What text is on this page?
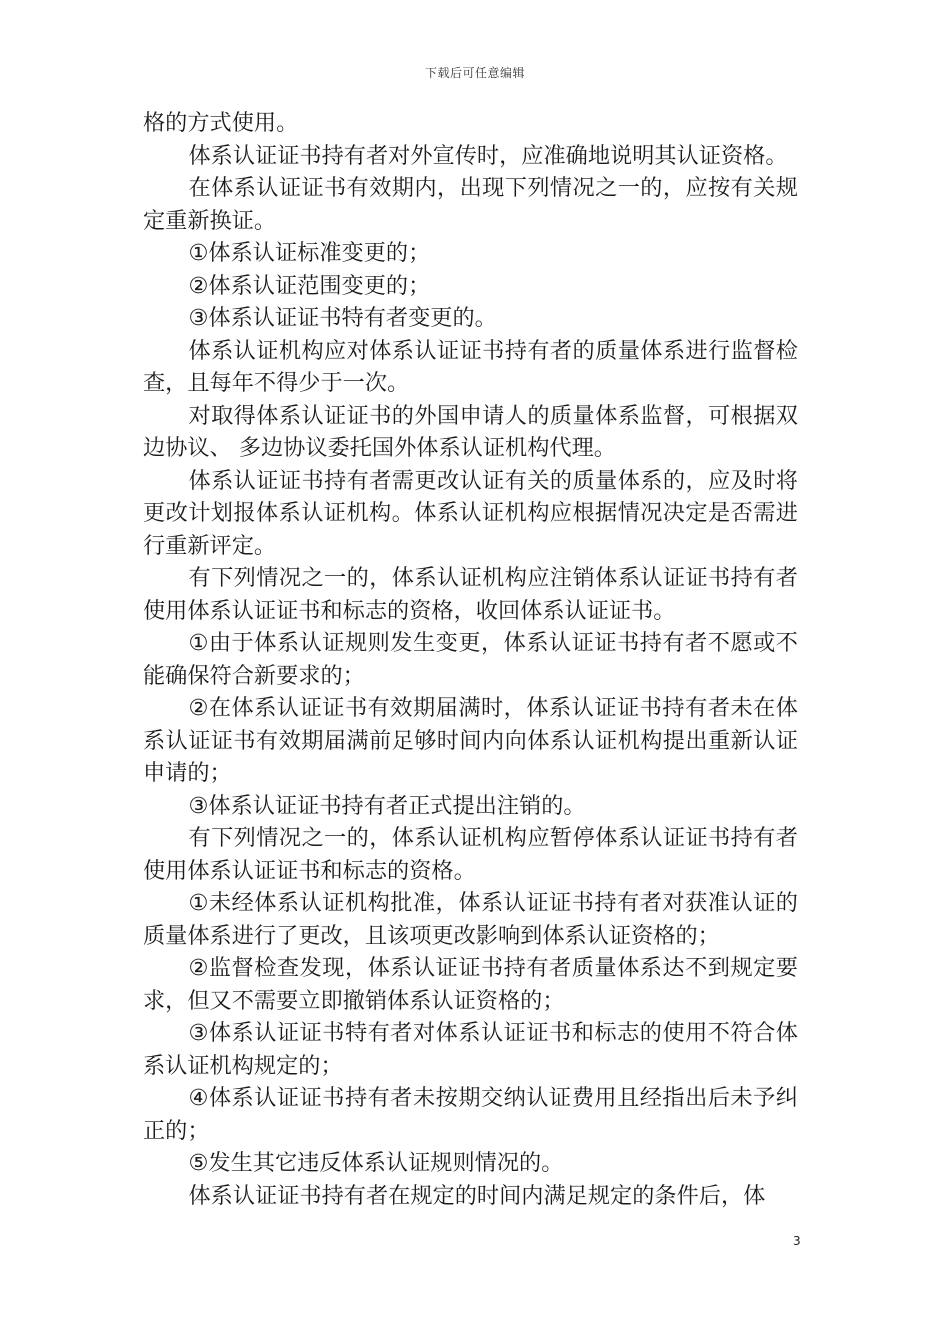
下载后可任意编辑

格的方式使用。

体系认证证书持有者对外宣传时，应准确地说明其认证资格。

在体系认证证书有效期内，出现下列情况之一的，应按有关规定重新换证。

①体系认证标准变更的；

②体系认证范围变更的；

③体系认证证书特有者变更的。

体系认证机构应对体系认证证书持有者的质量体系进行监督检查，且每年不得少于一次。

对取得体系认证证书的外国申请人的质量体系监督，可根据双边协议、 多边协议委托国外体系认证机构代理。

体系认证证书持有者需更改认证有关的质量体系的，应及时将更改计划报体系认证机构。体系认证机构应根据情况决定是否需进行重新评定。

有下列情况之一的，体系认证机构应注销体系认证证书持有者使用体系认证证书和标志的资格，收回体系认证证书。

①由于体系认证规则发生变更，体系认证证书持有者不愿或不能确保符合新要求的；

②在体系认证证书有效期届满时，体系认证证书持有者未在体系认证证书有效期届满前足够时间内向体系认证机构提出重新认证申请的；

③体系认证证书持有者正式提出注销的。

有下列情况之一的，体系认证机构应暂停体系认证证书持有者使用体系认证证书和标志的资格。

①未经体系认证机构批准，体系认证证书持有者对获准认证的质量体系进行了更改，且该项更改影响到体系认证资格的；

②监督检查发现，体系认证证书持有者质量体系达不到规定要求，但又不需要立即撤销体系认证资格的；

③体系认证证书特有者对体系认证证书和标志的使用不符合体系认证机构规定的；

④体系认证证书持有者未按期交纳认证费用且经指出后未予纠正的；

⑤发生其它违反体系认证规则情况的。

体系认证证书持有者在规定的时间内满足规定的条件后，体

3
